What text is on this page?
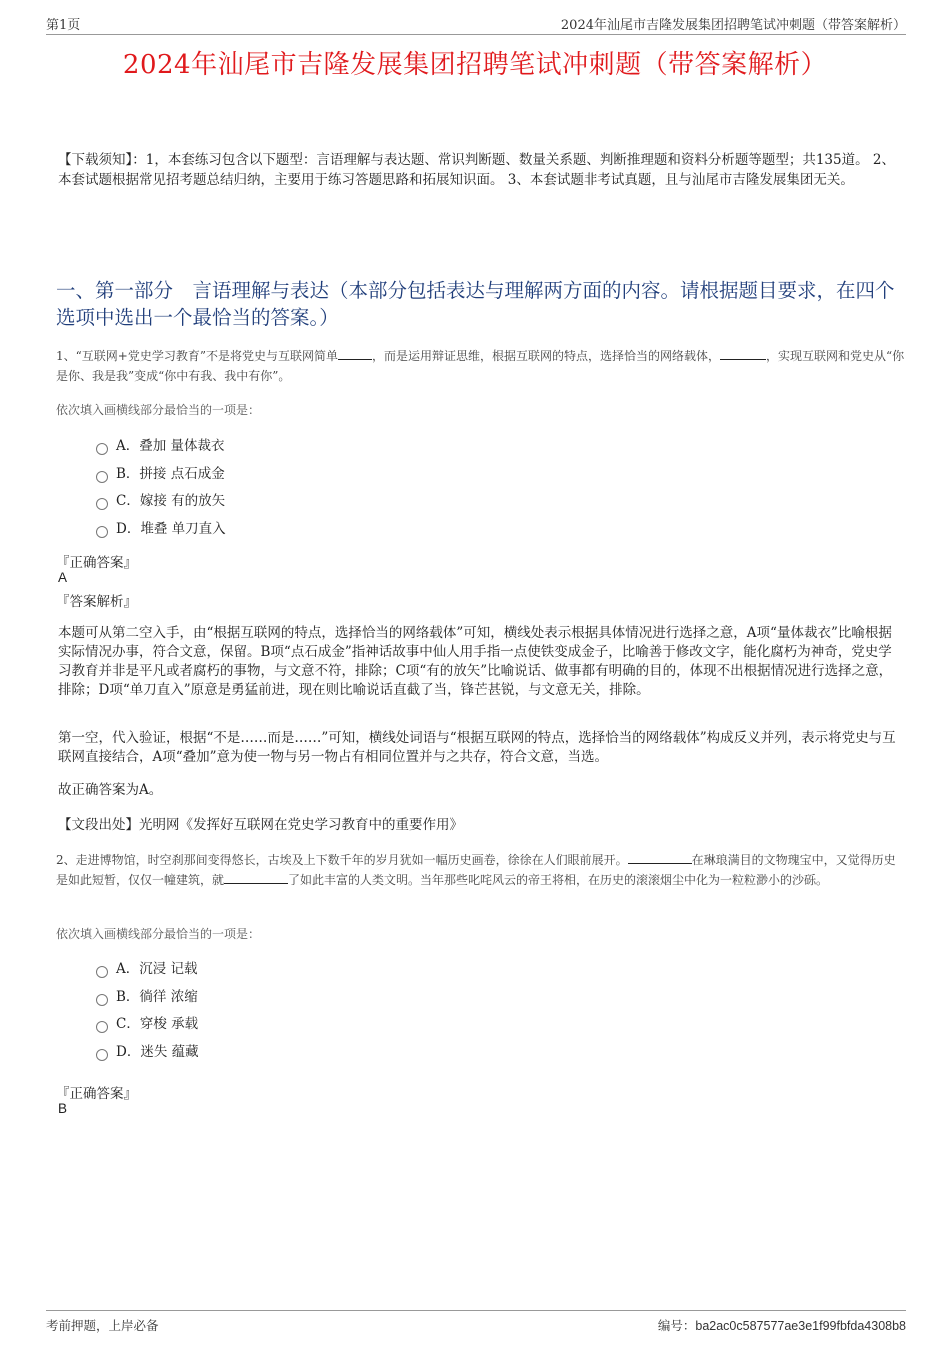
第1页	2024年汕尾市吉隆发展集团招聘笔试冲刺题（带答案解析）
2024年汕尾市吉隆发展集团招聘笔试冲刺题（带答案解析）
【下载须知】：1，本套练习包含以下题型：言语理解与表达题、常识判断题、数量关系题、判断推理题和资料分析题等题型；共135道。 2、本套试题根据常见招考题总结归纳，主要用于练习答题思路和拓展知识面。 3、本套试题非考试真题，且与汕尾市吉隆发展集团无关。
一、第一部分　言语理解与表达（本部分包括表达与理解两方面的内容。请根据题目要求，在四个选项中选出一个最恰当的答案。）
1、“互联网+党史学习教育”不是将党史与互联网简单	，而是运用辩证思维，根据互联网的特点，选择恰当的网络载体，	，实现互联网和党史从“你是你、我是我”变成“你中有我、我中有你”。
依次填入画横线部分最恰当的一项是：
A．叠加 量体裁衣
B．拼接 点石成金
C．嫁接 有的放矢
D．堆叠 单刀直入
『正确答案』
A
『答案解析』
本题可从第二空入手，由“根据互联网的特点，选择恰当的网络载体”可知，横线处表示根据具体情况进行选择之意，A项“量体裁衣”比喻根据实际情况办事，符合文意，保留。B项“点石成金”指神话故事中仙人用手指一点使铁变成金子，比喻善于修改文字，能化腐朽为神奇，党史学习教育并非是平凡或者腐朽的事物，与文意不符，排除；C项“有的放矢”比喻说话、做事都有明确的目的，体现不出根据情况进行选择之意，排除；D项“单刀直入”原意是勇猛前进，现在则比喻说话直截了当，锋芒甚锐，与文意无关，排除。
第一空，代入验证，根据“不是……而是……”可知，横线处词语与“根据互联网的特点，选择恰当的网络载体”构成反义并列，表示将党史与互联网直接结合，A项“叠加”意为使一物与另一物占有相同位置并与之共存，符合文意，当选。
故正确答案为A。
【文段出处】光明网《发挥好互联网在党史学习教育中的重要作用》
2、走进博物馆，时空刹那间变得悠长，古埃及上下数千年的岁月犹如一幅历史画卷，徐徐在人们眼前展开。	在琳琅满目的文物瑰宝中，又觉得历史是如此短暂，仅仅一幢建筑，就	了如此丰富的人类文明。当年那些叱咤风云的帝王将相，在历史的滚滚烟尘中化为一粒粒渺小的沙砾。
依次填入画横线部分最恰当的一项是：
A．沉浸 记载
B．徜徉 浓缩
C．穿梭 承载
D．迷失 蕴藏
『正确答案』
B
考前押题，上岸必备	编号：ba2ac0c587577ae3e1f99fbfda4308b8
